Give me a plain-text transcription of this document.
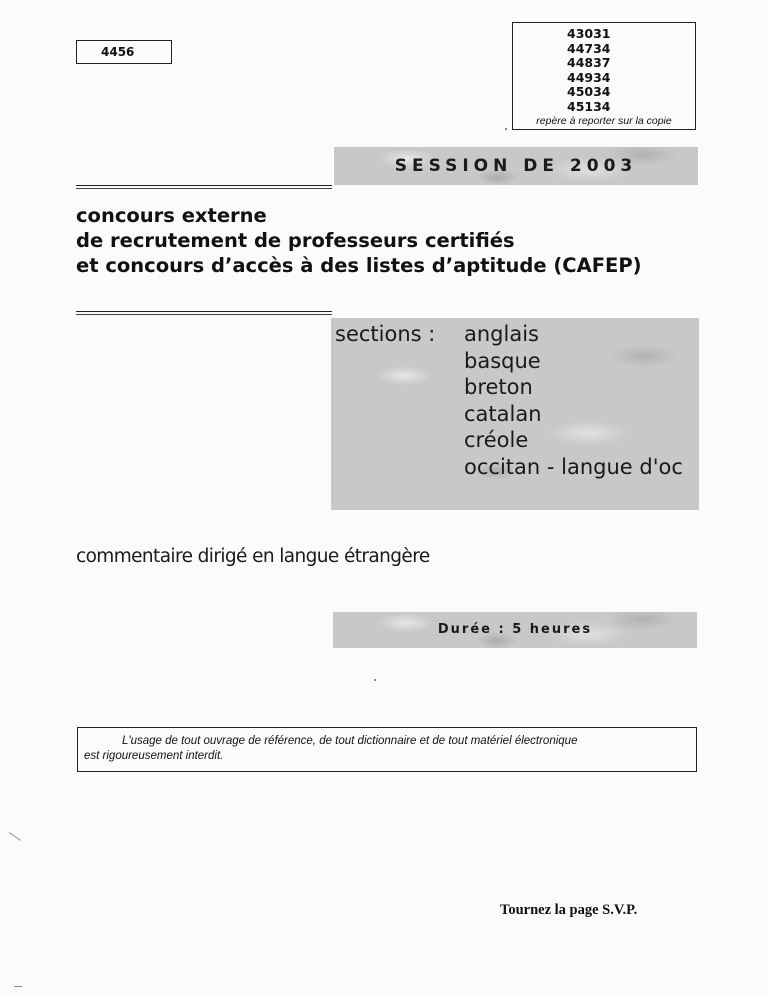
4456
43031
44734
44837
44934
45034
45134
repère à reporter sur la copie
SESSION DE 2003
concours externe
de recrutement de professeurs certifiés
et concours d’accès à des listes d’aptitude (CAFEP)
sections : anglais
basque
breton
catalan
créole
occitan - langue d'oc
commentaire dirigé en langue étrangère
Durée : 5 heures
L'usage de tout ouvrage de référence, de tout dictionnaire et de tout matériel électronique
est rigoureusement interdit.
Tournez la page S.V.P.
